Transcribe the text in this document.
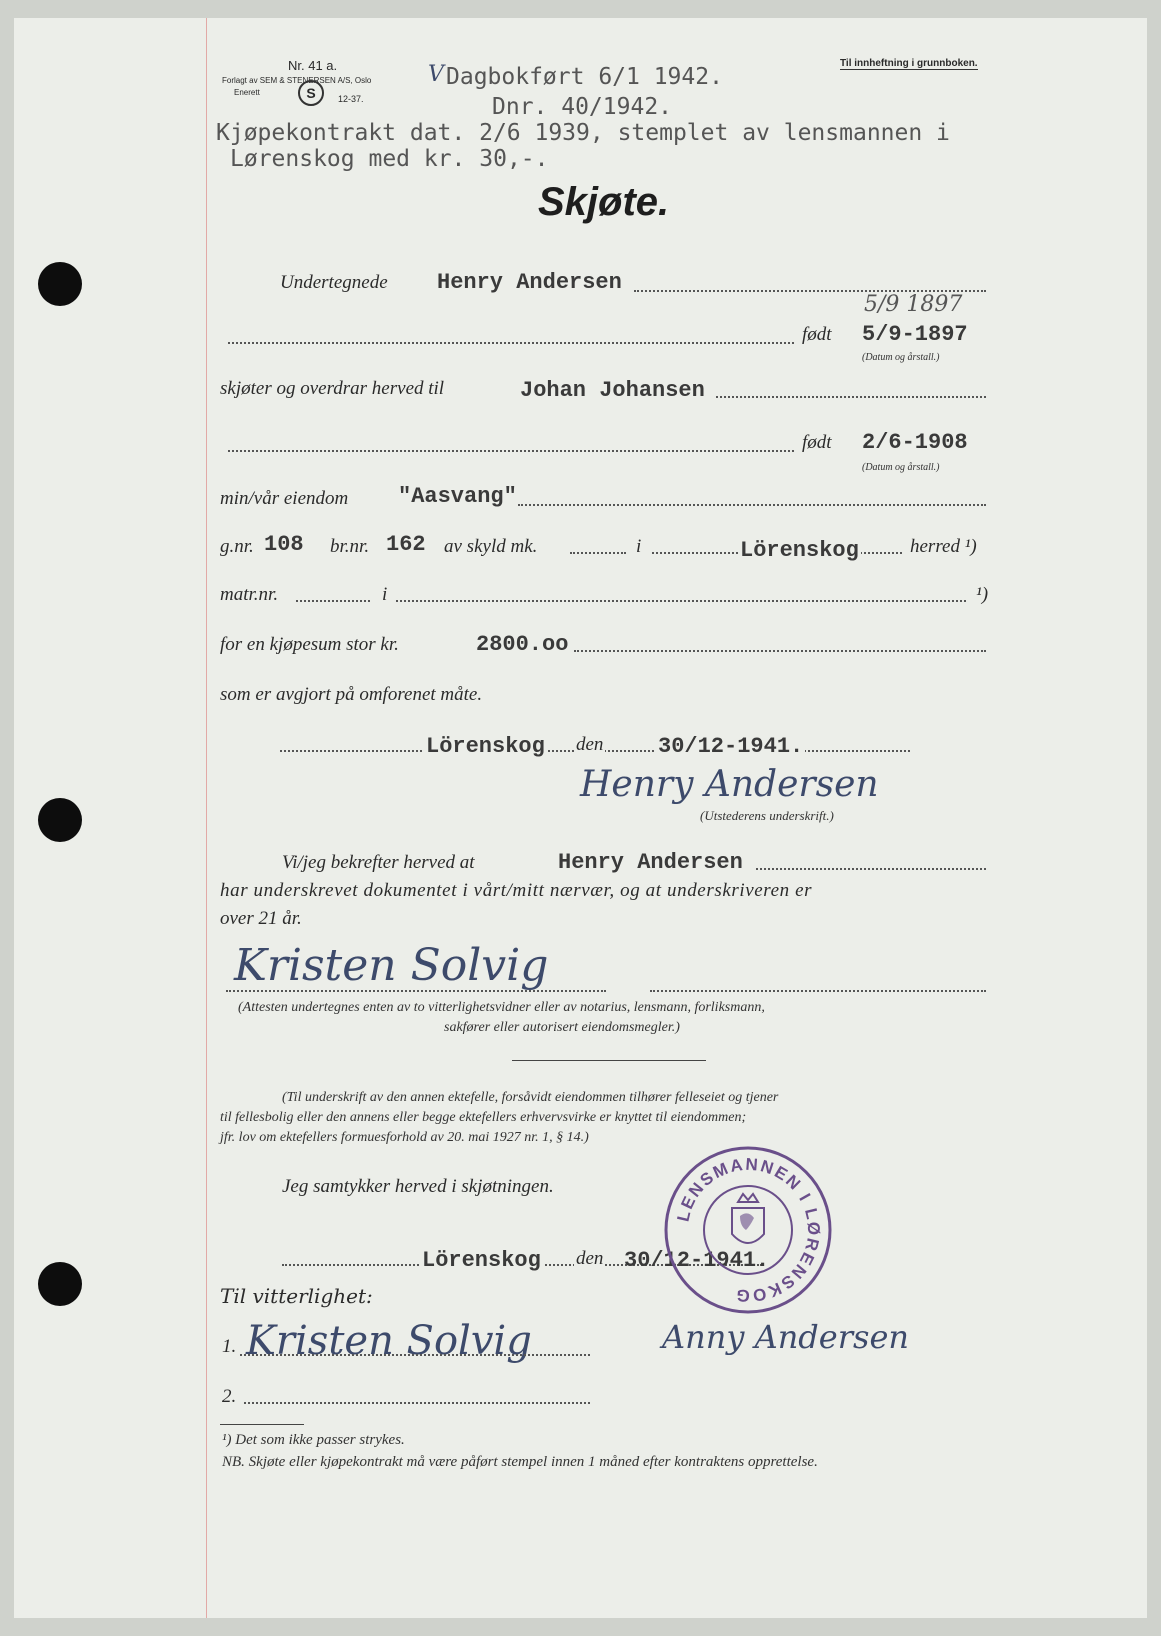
Nr. 41 a.
Forlagt av SEM & STENERSEN A/S, Oslo
Enerett	S	12-37.
Til innheftning i grunnboken.
V Dagbokført 6/1 1942.
Dnr. 40/1942.
Kjøpekontrakt dat. 2/6 1939, stemplet av lensmannen i
Lørenskog med kr. 30,-.
Skjøte.
Undertegnede Henry Andersen
5/9 1897
født 5/9-1897
(Datum og årstall.)
skjøter og overdrar herved til	Johan Johansen
født 2/6-1908
(Datum og årstall.)
min/vår eiendom "Aasvang"
g.nr. 108 br.nr. 162 av skyld mk.	i	Lörenskog	herred ¹)
matr.nr.	i	¹)
for en kjøpesum stor kr.	2800.oo
som er avgjort på omforenet måte.
Lörenskog den 30/12-1941.
Henry Andersen
(Utstederens underskrift.)
Vi/jeg bekrefter herved at	Henry Andersen
har underskrevet dokumentet i vårt/mitt nærvær, og at underskriveren er
over 21 år.
Kristen Solvig
(Attesten undertegnes enten av to vitterlighetsvidner eller av notarius, lensmann, forliksmann,
sakfører eller autorisert eiendomsmegler.)
(Til underskrift av den annen ektefelle, forsåvidt eiendommen tilhører felleseiet og tjener
til fellesbolig eller den annens eller begge ektefellers erhvervsvirke er knyttet til eiendommen;
jfr. lov om ektefellers formuesforhold av 20. mai 1927 nr. 1, § 14.)
Jeg samtykker herved i skjøtningen.
Lörenskog den 30/12-1941.
LENSMANNEN I LØRENSKOG
Til vitterlighet:
1. Kristen Solvig	Anny Andersen
2.
¹) Det som ikke passer strykes.
NB. Skjøte eller kjøpekontrakt må være påført stempel innen 1 måned efter kontraktens opprettelse.
